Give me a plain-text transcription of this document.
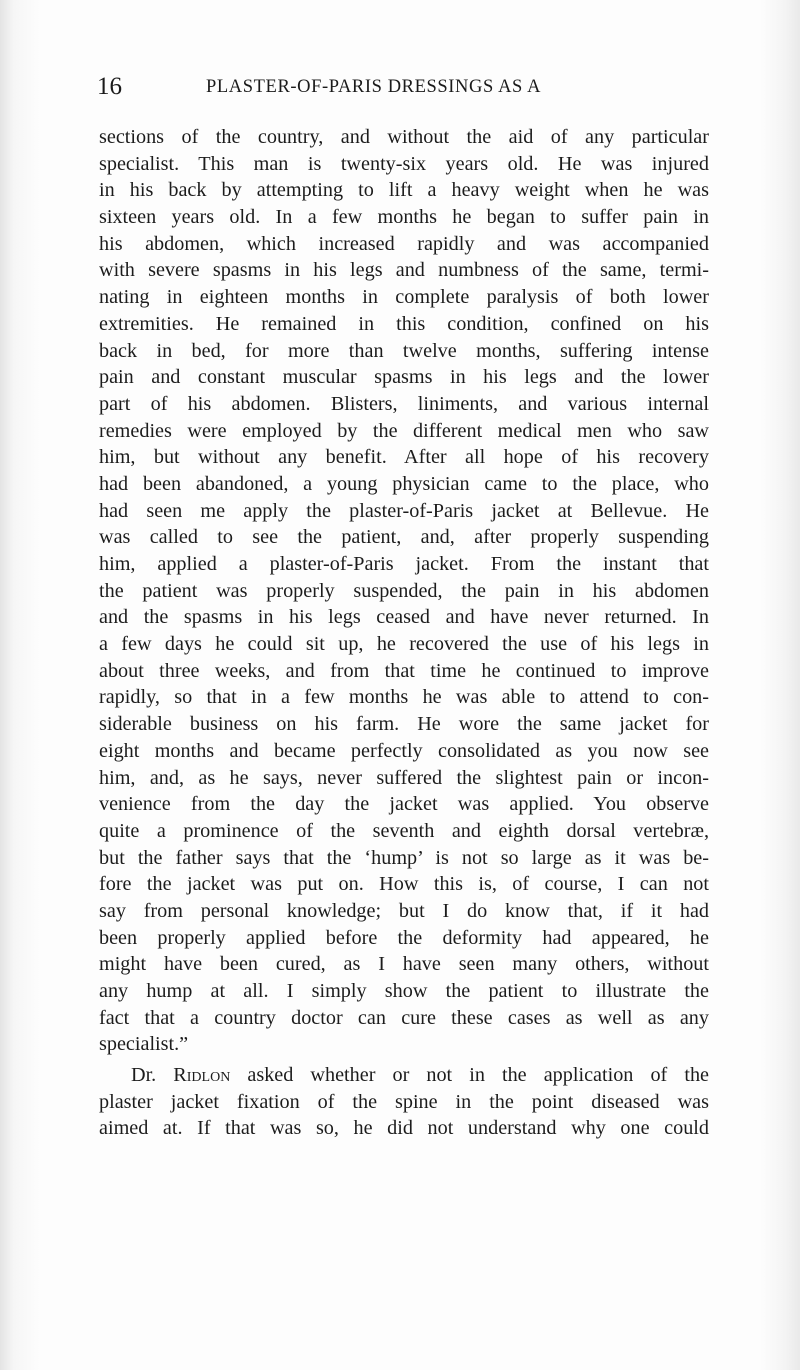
16	PLASTER-OF-PARIS DRESSINGS AS A
sections of the country, and without the aid of any particular
specialist. This man is twenty-six years old. He was injured
in his back by attempting to lift a heavy weight when he was
sixteen years old. In a few months he began to suffer pain in
his abdomen, which increased rapidly and was accompanied
with severe spasms in his legs and numbness of the same, termi-
nating in eighteen months in complete paralysis of both lower
extremities. He remained in this condition, confined on his
back in bed, for more than twelve months, suffering intense
pain and constant muscular spasms in his legs and the lower
part of his abdomen. Blisters, liniments, and various internal
remedies were employed by the different medical men who saw
him, but without any benefit. After all hope of his recovery
had been abandoned, a young physician came to the place, who
had seen me apply the plaster-of-Paris jacket at Bellevue. He
was called to see the patient, and, after properly suspending
him, applied a plaster-of-Paris jacket. From the instant that
the patient was properly suspended, the pain in his abdomen
and the spasms in his legs ceased and have never returned. In
a few days he could sit up, he recovered the use of his legs in
about three weeks, and from that time he continued to improve
rapidly, so that in a few months he was able to attend to con-
siderable business on his farm. He wore the same jacket for
eight months and became perfectly consolidated as you now see
him, and, as he says, never suffered the slightest pain or incon-
venience from the day the jacket was applied. You observe
quite a prominence of the seventh and eighth dorsal vertebræ,
but the father says that the ‘hump’ is not so large as it was be-
fore the jacket was put on. How this is, of course, I can not
say from personal knowledge; but I do know that, if it had
been properly applied before the deformity had appeared, he
might have been cured, as I have seen many others, without
any hump at all. I simply show the patient to illustrate the
fact that a country doctor can cure these cases as well as any
specialist.”
Dr. Ridlon asked whether or not in the application of the
plaster jacket fixation of the spine in the point diseased was
aimed at. If that was so, he did not understand why one could
